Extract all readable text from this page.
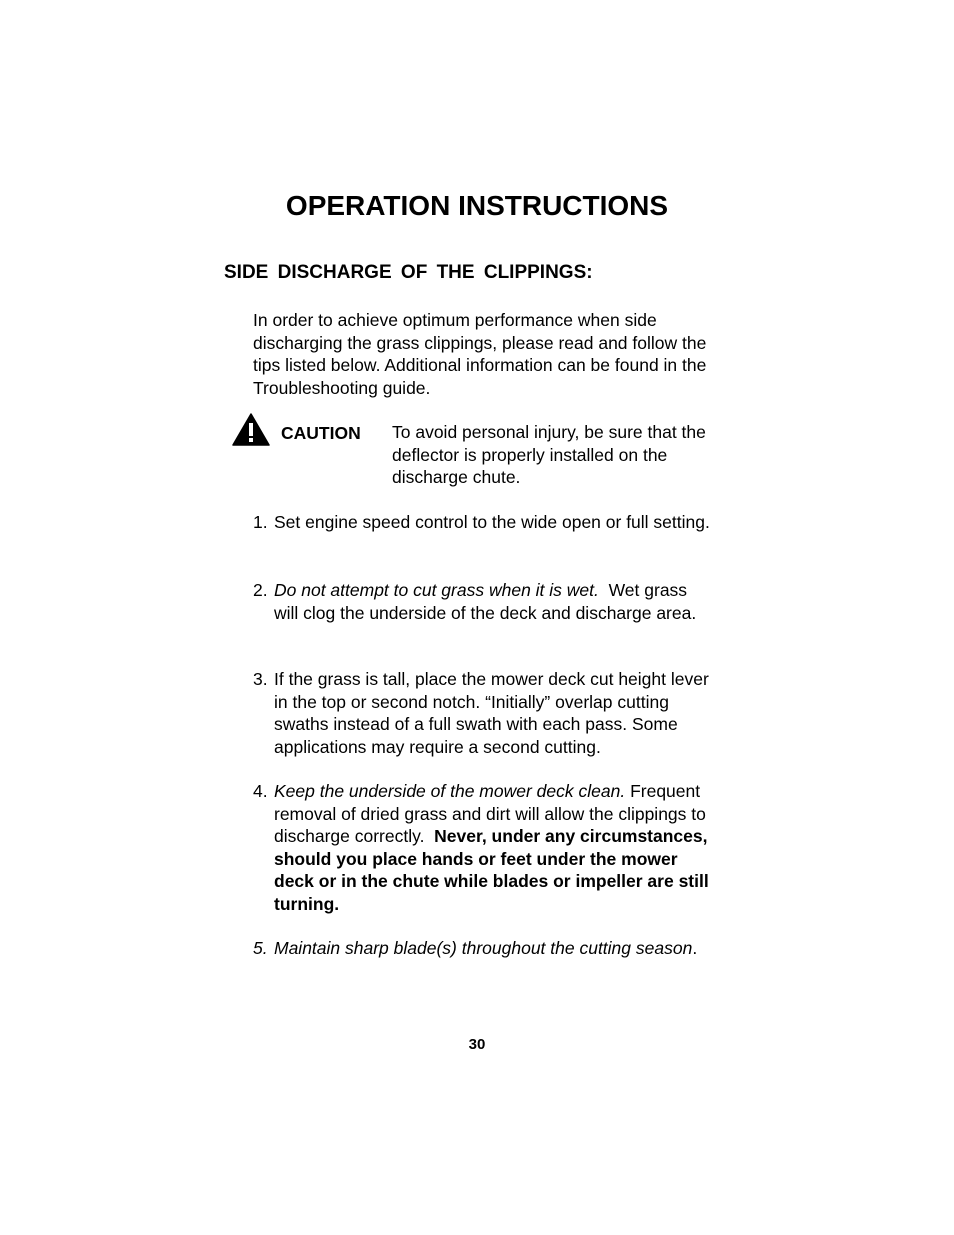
OPERATION INSTRUCTIONS
SIDE DISCHARGE OF THE CLIPPINGS:

In order to achieve optimum performance when side discharging the grass clippings, please read and follow the tips listed below. Additional information can be found in the Troubleshooting guide.

CAUTION To avoid personal injury, be sure that the deflector is properly installed on the discharge chute.

1. Set engine speed control to the wide open or full setting.
2. Do not attempt to cut grass when it is wet.  Wet grass will clog the underside of the deck and discharge area.
3. If the grass is tall, place the mower deck cut height lever in the top or second notch. “Initially” overlap cutting swaths instead of a full swath with each pass. Some applications may require a second cutting.
4. Keep the underside of the mower deck clean. Frequent removal of dried grass and dirt will allow the clippings to discharge correctly.  Never, under any circumstances, should you place hands or feet under the mower deck or in the chute while blades or impeller are still turning.
5. Maintain sharp blade(s) throughout the cutting season.
30
